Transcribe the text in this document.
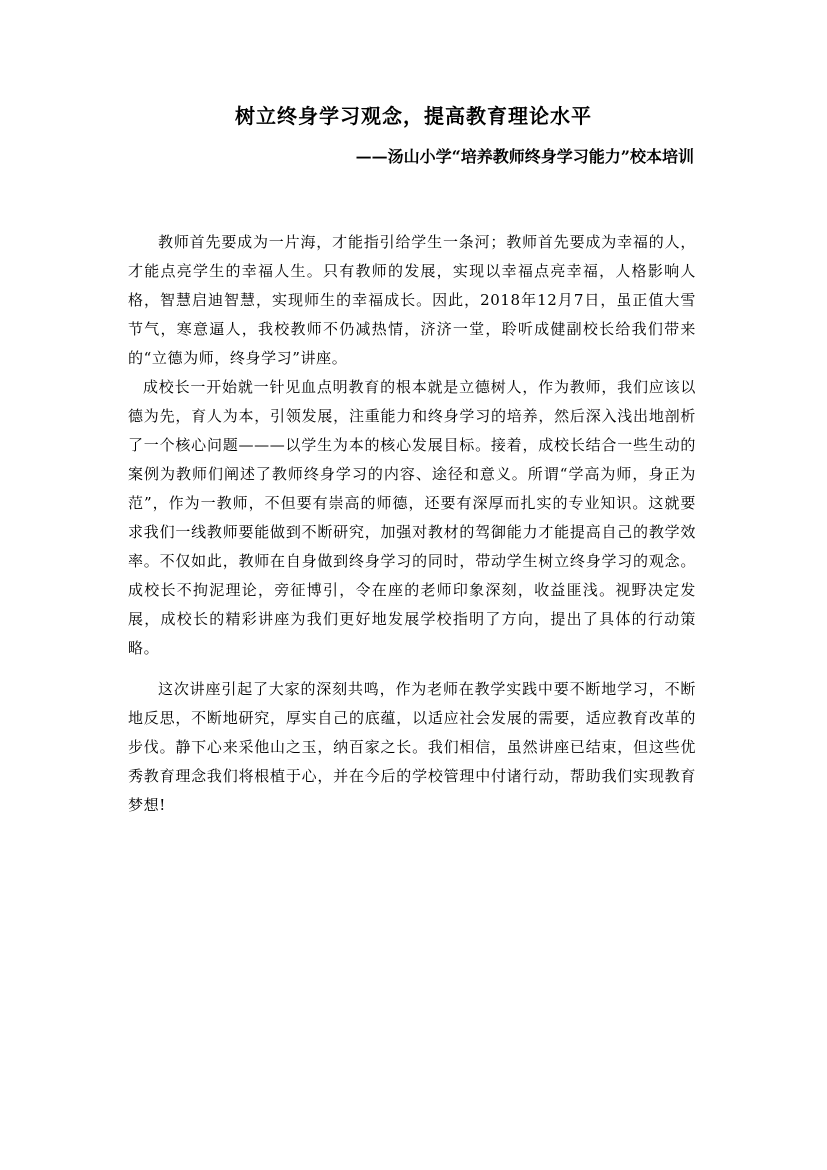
树立终身学习观念，提高教育理论水平
——汤山小学“培养教师终身学习能力”校本培训

教师首先要成为一片海，才能指引给学生一条河；教师首先要成为幸福的人，才能点亮学生的幸福人生。只有教师的发展，实现以幸福点亮幸福，人格影响人格，智慧启迪智慧，实现师生的幸福成长。因此，2018年12月7日，虽正值大雪节气，寒意逼人，我校教师不仍减热情，济济一堂，聆听成健副校长给我们带来的“立德为师，终身学习”讲座。

成校长一开始就一针见血点明教育的根本就是立德树人，作为教师，我们应该以德为先，育人为本，引领发展，注重能力和终身学习的培养，然后深入浅出地剖析了一个核心问题———以学生为本的核心发展目标。接着，成校长结合一些生动的案例为教师们阐述了教师终身学习的内容、途径和意义。所谓“学高为师，身正为范”，作为一教师，不但要有崇高的师德，还要有深厚而扎实的专业知识。这就要求我们一线教师要能做到不断研究，加强对教材的驾御能力才能提高自己的教学效率。不仅如此，教师在自身做到终身学习的同时，带动学生树立终身学习的观念。成校长不拘泥理论，旁征博引，令在座的老师印象深刻，收益匪浅。视野决定发展，成校长的精彩讲座为我们更好地发展学校指明了方向，提出了具体的行动策略。

这次讲座引起了大家的深刻共鸣，作为老师在教学实践中要不断地学习，不断地反思，不断地研究，厚实自己的底蕴，以适应社会发展的需要，适应教育改革的步伐。静下心来采他山之玉，纳百家之长。我们相信，虽然讲座已结束，但这些优秀教育理念我们将根植于心，并在今后的学校管理中付诸行动，帮助我们实现教育梦想!
